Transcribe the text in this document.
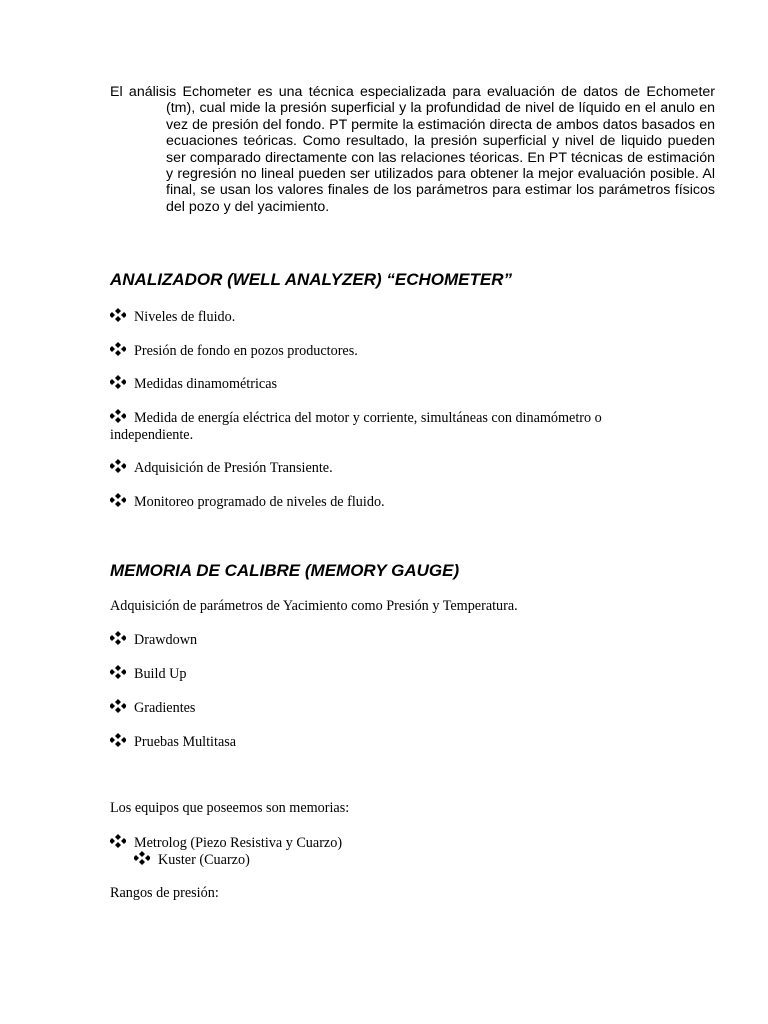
El análisis Echometer es una técnica especializada para evaluación de datos de Echometer (tm), cual mide la presión superficial y la profundidad de nivel de líquido en el anulo en vez de presión del fondo. PT permite la estimación directa de ambos datos basados en ecuaciones teóricas. Como resultado, la presión superficial y nivel de liquido pueden ser comparado directamente con las relaciones téoricas. En PT técnicas de estimación y regresión no lineal pueden ser utilizados para obtener la mejor evaluación posible. Al final, se usan los valores finales de los parámetros para estimar los parámetros físicos del pozo y del yacimiento.

ANALIZADOR (WELL ANALYZER) “ECHOMETER”

Niveles de fluido.

Presión de fondo en pozos productores.

Medidas dinamométricas

Medida de energía eléctrica del motor y corriente, simultáneas con dinamómetro o independiente.

Adquisición de Presión Transiente.

Monitoreo programado de niveles de fluido.

MEMORIA DE CALIBRE (MEMORY GAUGE)

Adquisición de parámetros de Yacimiento como Presión y Temperatura.

Drawdown

Build Up

Gradientes

Pruebas Multitasa

Los equipos que poseemos son memorias:

Metrolog (Piezo Resistiva y Cuarzo)

Kuster (Cuarzo)

Rangos de presión:
